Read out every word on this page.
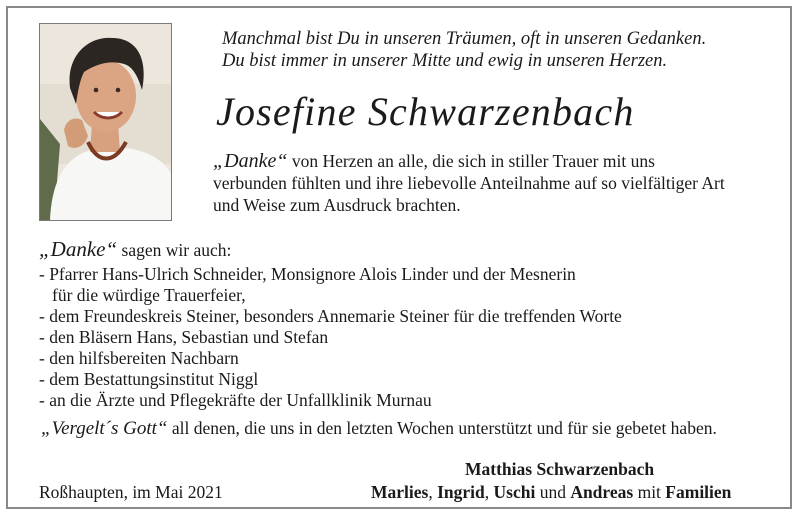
Manchmal bist Du in unseren Träumen, oft in unseren Gedanken.
Du bist immer in unserer Mitte und ewig in unseren Herzen.
Josefine Schwarzenbach
„Danke“ von Herzen an alle, die sich in stiller Trauer mit uns verbunden fühlten und ihre liebevolle Anteilnahme auf so vielfältiger Art und Weise zum Ausdruck brachten.
„Danke“ sagen wir auch:
- Pfarrer Hans-Ulrich Schneider, Monsignore Alois Linder und der Mesnerin
für die würdige Trauerfeier,
- dem Freundeskreis Steiner, besonders Annemarie Steiner für die treffenden Worte
- den Bläsern Hans, Sebastian und Stefan
- den hilfsbereiten Nachbarn
- dem Bestattungsinstitut Niggl
- an die Ärzte und Pflegekräfte der Unfallklinik Murnau
„Vergelt´s Gott“ all denen, die uns in den letzten Wochen unterstützt und für sie gebetet haben.
Roßhaupten, im Mai 2021
Matthias Schwarzenbach
Marlies, Ingrid, Uschi und Andreas mit Familien
